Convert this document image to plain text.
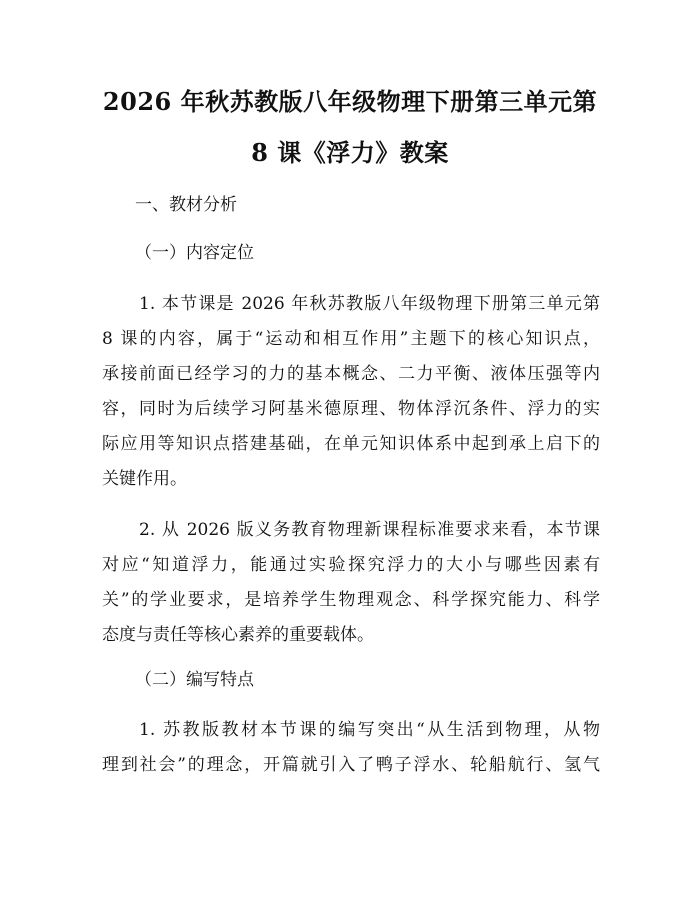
2026 年秋苏教版八年级物理下册第三单元第
8 课《浮力》教案
一、教材分析
（一）内容定位
1. 本节课是 2026 年秋苏教版八年级物理下册第三单元第
8 课的内容，属于“运动和相互作用”主题下的核心知识点，
承接前面已经学习的力的基本概念、二力平衡、液体压强等内
容，同时为后续学习阿基米德原理、物体浮沉条件、浮力的实
际应用等知识点搭建基础，在单元知识体系中起到承上启下的
关键作用。
2. 从 2026 版义务教育物理新课程标准要求来看，本节课
对应“知道浮力，能通过实验探究浮力的大小与哪些因素有
关”的学业要求，是培养学生物理观念、科学探究能力、科学
态度与责任等核心素养的重要载体。
（二）编写特点
1. 苏教版教材本节课的编写突出“从生活到物理，从物
理到社会”的理念，开篇就引入了鸭子浮水、轮船航行、氢气
